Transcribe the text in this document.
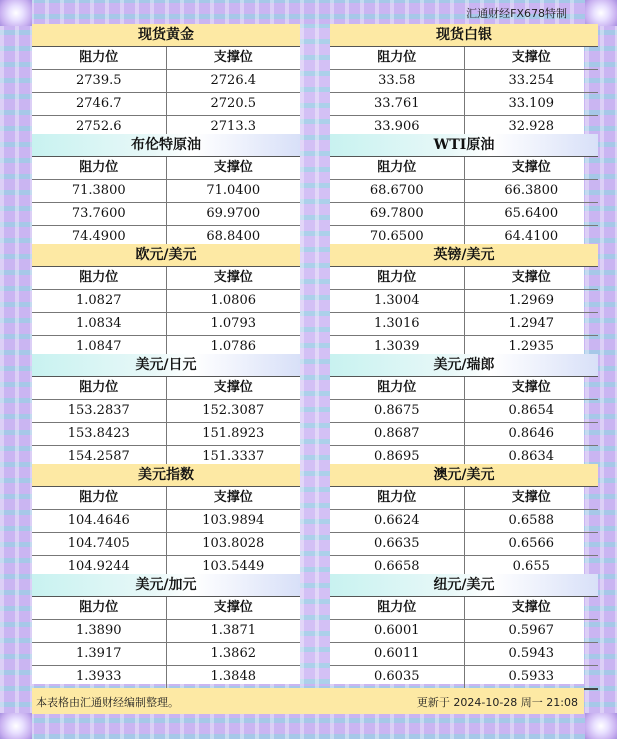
汇通财经FX678特制
现货黄金
阻力位	支撑位
2739.5	2726.4
2746.7	2720.5
2752.6	2713.3
现货白银
阻力位	支撑位
33.58	33.254
33.761	33.109
33.906	32.928
布伦特原油
阻力位	支撑位
71.3800	71.0400
73.7600	69.9700
74.4900	68.8400
WTI原油
阻力位	支撑位
68.6700	66.3800
69.7800	65.6400
70.6500	64.4100
欧元/美元
阻力位	支撑位
1.0827	1.0806
1.0834	1.0793
1.0847	1.0786
英镑/美元
阻力位	支撑位
1.3004	1.2969
1.3016	1.2947
1.3039	1.2935
美元/日元
阻力位	支撑位
153.2837	152.3087
153.8423	151.8923
154.2587	151.3337
美元/瑞郎
阻力位	支撑位
0.8675	0.8654
0.8687	0.8646
0.8695	0.8634
美元指数
阻力位	支撑位
104.4646	103.9894
104.7405	103.8028
104.9244	103.5449
澳元/美元
阻力位	支撑位
0.6624	0.6588
0.6635	0.6566
0.6658	0.655
美元/加元
阻力位	支撑位
1.3890	1.3871
1.3917	1.3862
1.3933	1.3848
纽元/美元
阻力位	支撑位
0.6001	0.5967
0.6011	0.5943
0.6035	0.5933
本表格由汇通财经编制整理。	更新于 2024-10-28 周一 21:08
